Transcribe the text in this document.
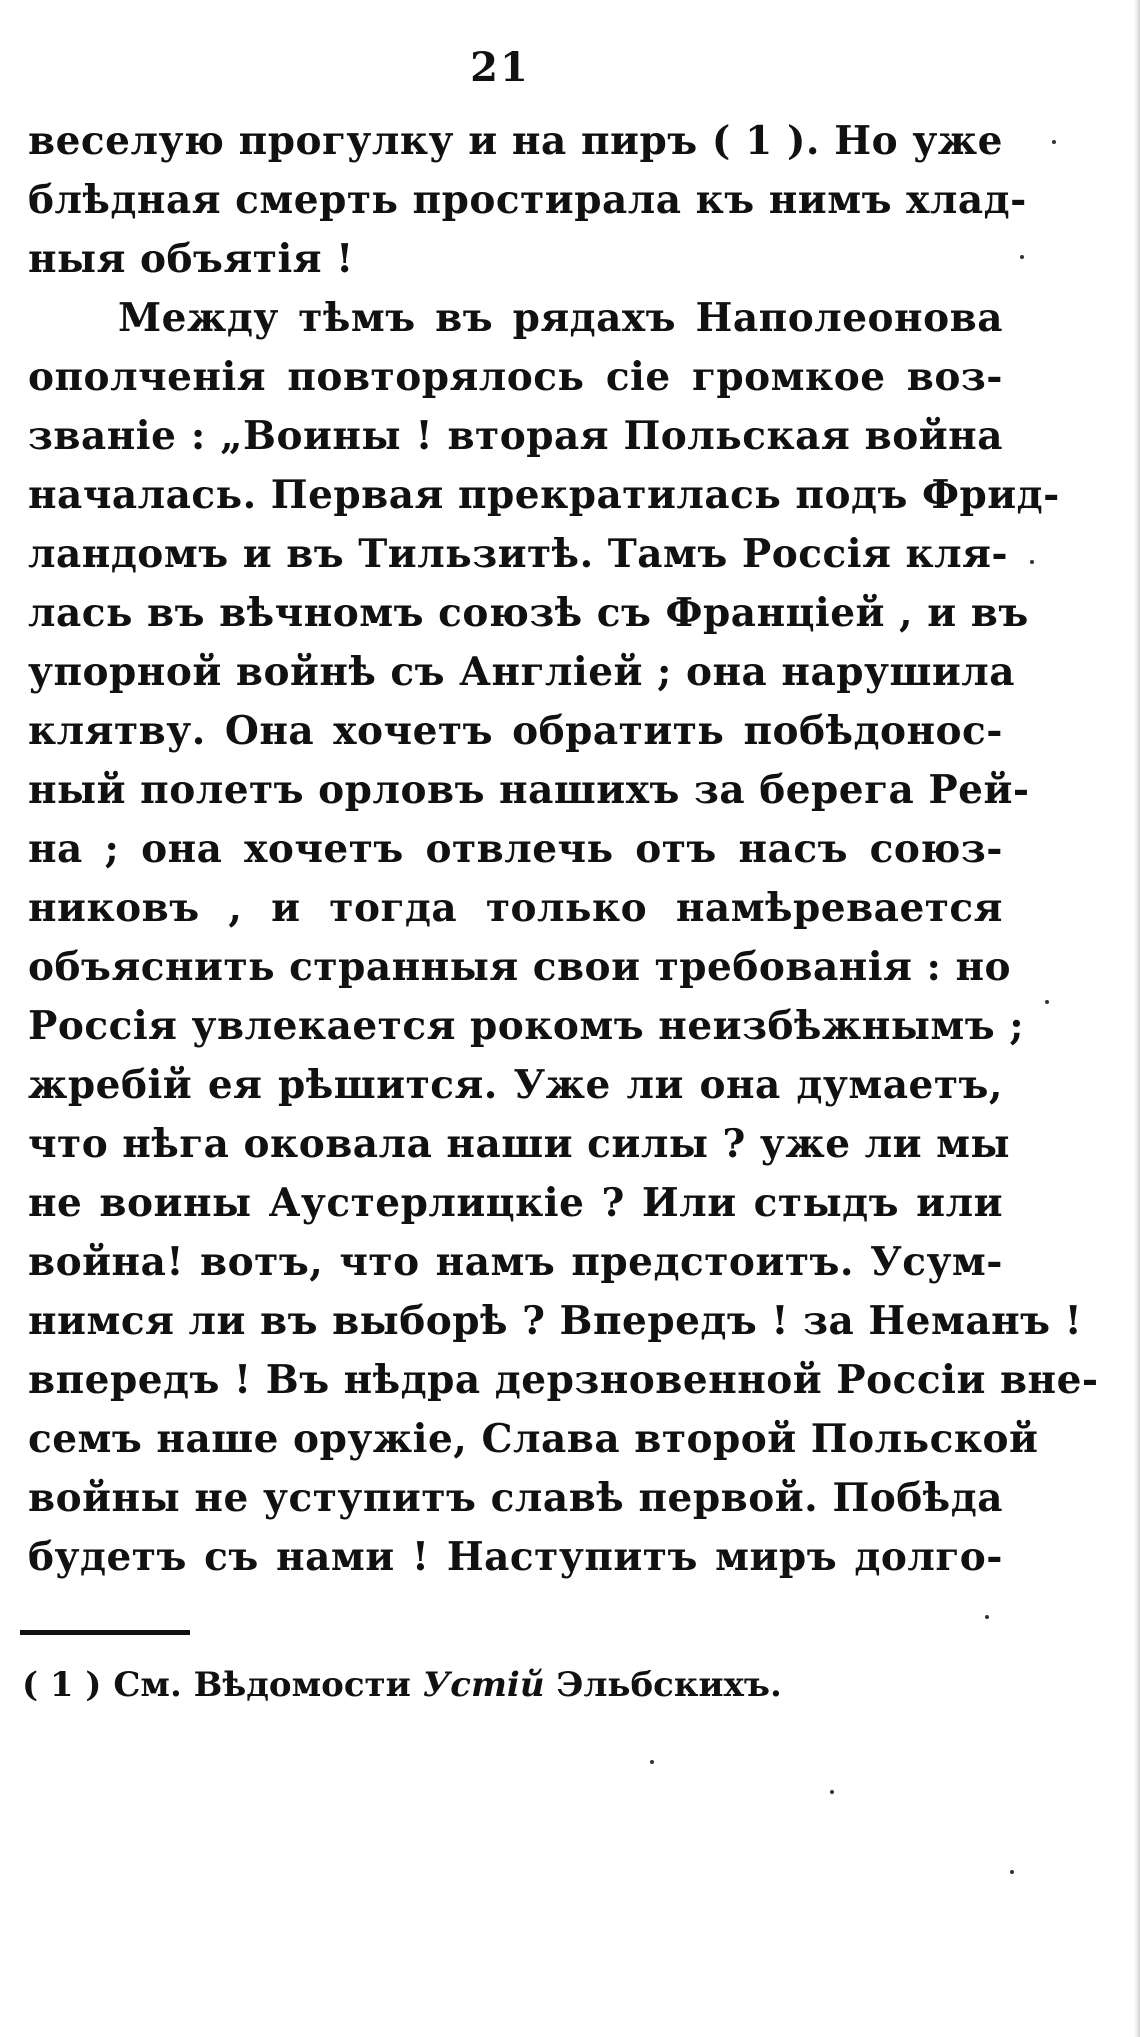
21
веселую прогулку и на пиръ ( 1 ). Но уже
блѣдная смерть простирала къ нимъ хлад-
ныя объятія !
Между тѣмъ въ рядахъ Наполеонова
ополченія повторялось сіе громкое воз-
званіе : „Воины ! вторая Польская война
началась. Первая прекратилась подъ Фрид-
ландомъ и въ Тильзитѣ. Тамъ Россія кля-
лась въ вѣчномъ союзѣ съ Франціей , и въ
упорной войнѣ съ Англіей ; она нарушила
клятву. Она хочетъ обратить побѣдонос-
ный полетъ орловъ нашихъ за берега Рей-
на ; она хочетъ отвлечь отъ насъ союз-
никовъ , и тогда только намѣревается
объяснить странныя свои требованія : но
Россія увлекается рокомъ неизбѣжнымъ ;
жребій ея рѣшится. Уже ли она думаетъ,
что нѣга оковала наши силы ? уже ли мы
не воины Аустерлицкіе ? Или стыдъ или
война! вотъ, что намъ предстоитъ. Усум-
нимся ли въ выборѣ ? Впередъ ! за Неманъ !
впередъ ! Въ нѣдра дерзновенной Россіи вне-
семъ наше оружіе, Слава второй Польской
войны не уступитъ славѣ первой. Побѣда
будетъ съ нами ! Наступитъ миръ долго-
( 1 ) См. Вѣдомости Устій Эльбскихъ.
